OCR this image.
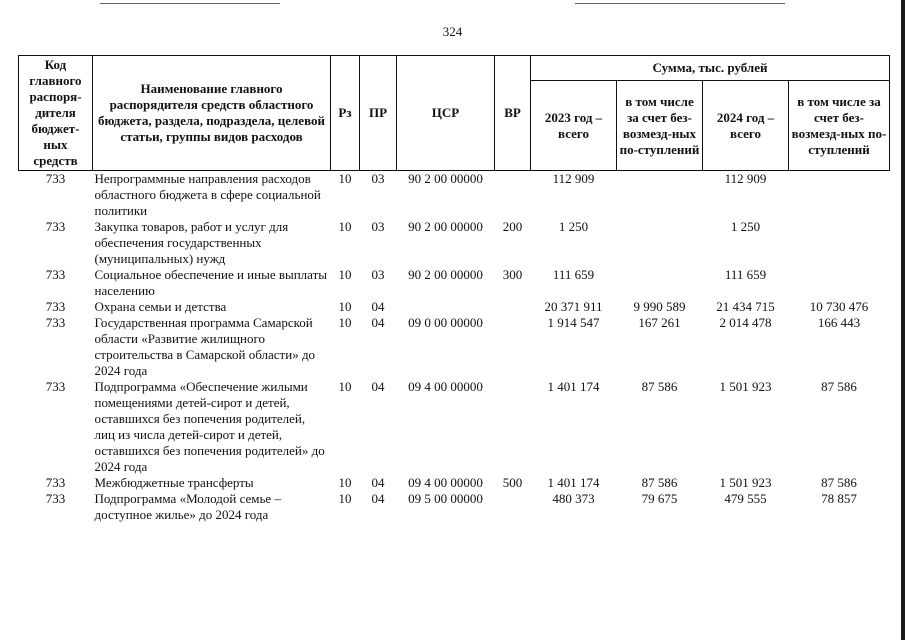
324
Код главного распоря-дителя бюджет-ных средств	Наименование главного распорядителя средств областного бюджета, раздела, подраздела, целевой статьи, группы видов расходов	Рз	ПР	ЦСР	ВР	Сумма, тыс. рублей			
						2023 год – всего	в том числе за счет без-возмезд-ных по-ступлений	2024 год – всего	в том числе за счет без-возмезд-ных по-ступлений
733	Непрограммные направления расходов областного бюджета в сфере социальной политики	10	03	90 2 00 00000		112 909		112 909	
733	Закупка товаров, работ и услуг для обеспечения государственных (муниципальных) нужд	10	03	90 2 00 00000	200	1 250		1 250	
733	Социальное обеспечение и иные выплаты населению	10	03	90 2 00 00000	300	111 659		111 659	
733	Охрана семьи и детства	10	04			20 371 911	9 990 589	21 434 715	10 730 476
733	Государственная программа Самарской области «Развитие жилищного строительства в Самарской области» до 2024 года	10	04	09 0 00 00000		1 914 547	167 261	2 014 478	166 443
733	Подпрограмма «Обеспечение жилыми помещениями детей-сирот и детей, оставшихся без попечения родителей, лиц из числа детей-сирот и детей, оставшихся без попечения родителей» до 2024 года	10	04	09 4 00 00000		1 401 174	87 586	1 501 923	87 586
733	Межбюджетные трансферты	10	04	09 4 00 00000	500	1 401 174	87 586	1 501 923	87 586
733	Подпрограмма «Молодой семье – доступное жилье» до 2024 года	10	04	09 5 00 00000		480 373	79 675	479 555	78 857
